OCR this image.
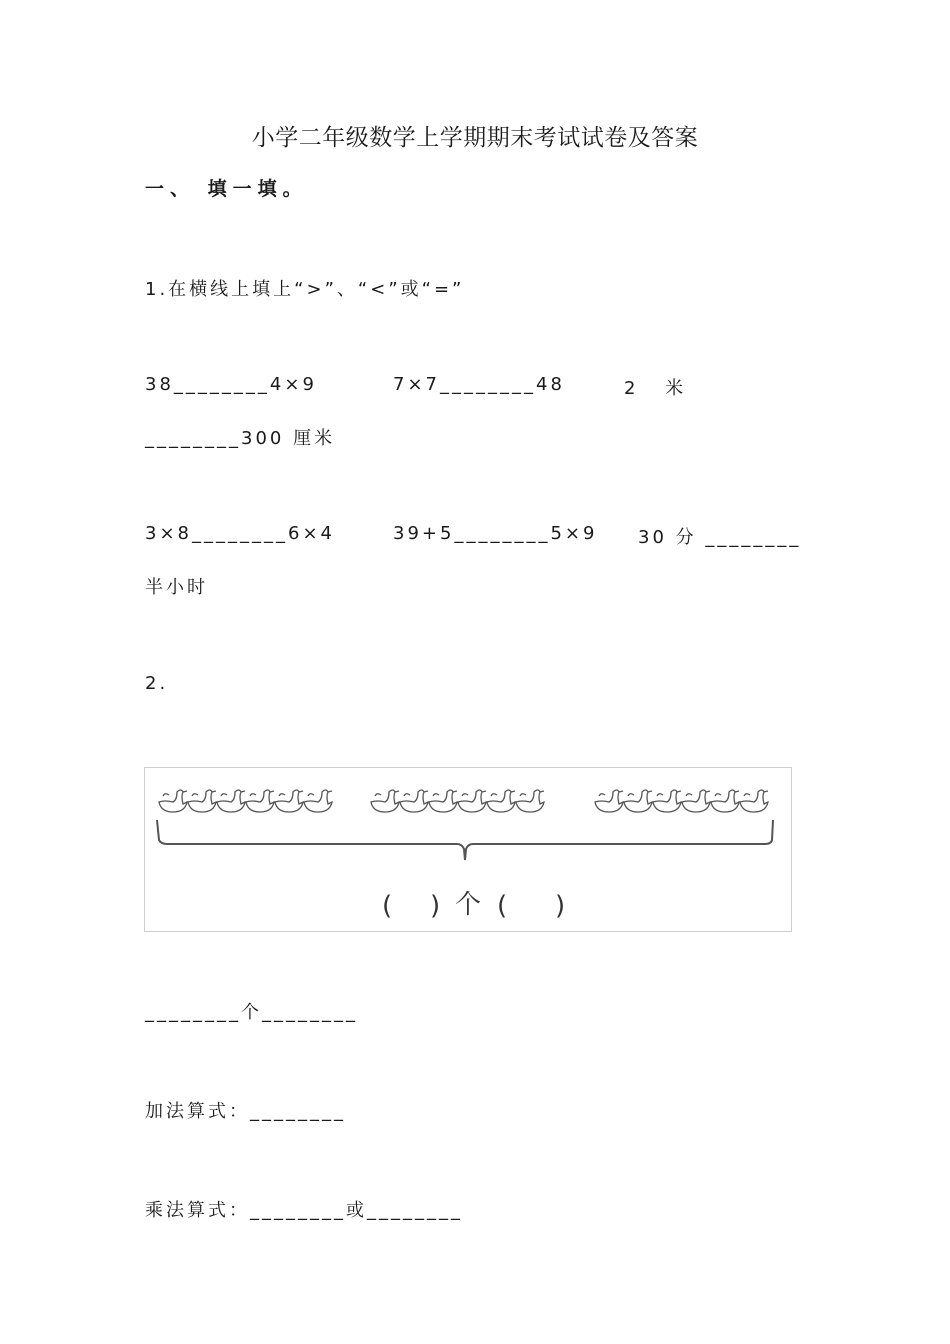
小学二年级数学上学期期末考试试卷及答案
一、 填一填。
1.在横线上填上“>”、“<”或“=”
38________4×9	7×7________48	2 米
________300 厘米
3×8________6×4	39+5________5×9 30 分 ________
半小时
2.
( ) 个 ( )
________个________
加法算式：________
乘法算式：________或________
